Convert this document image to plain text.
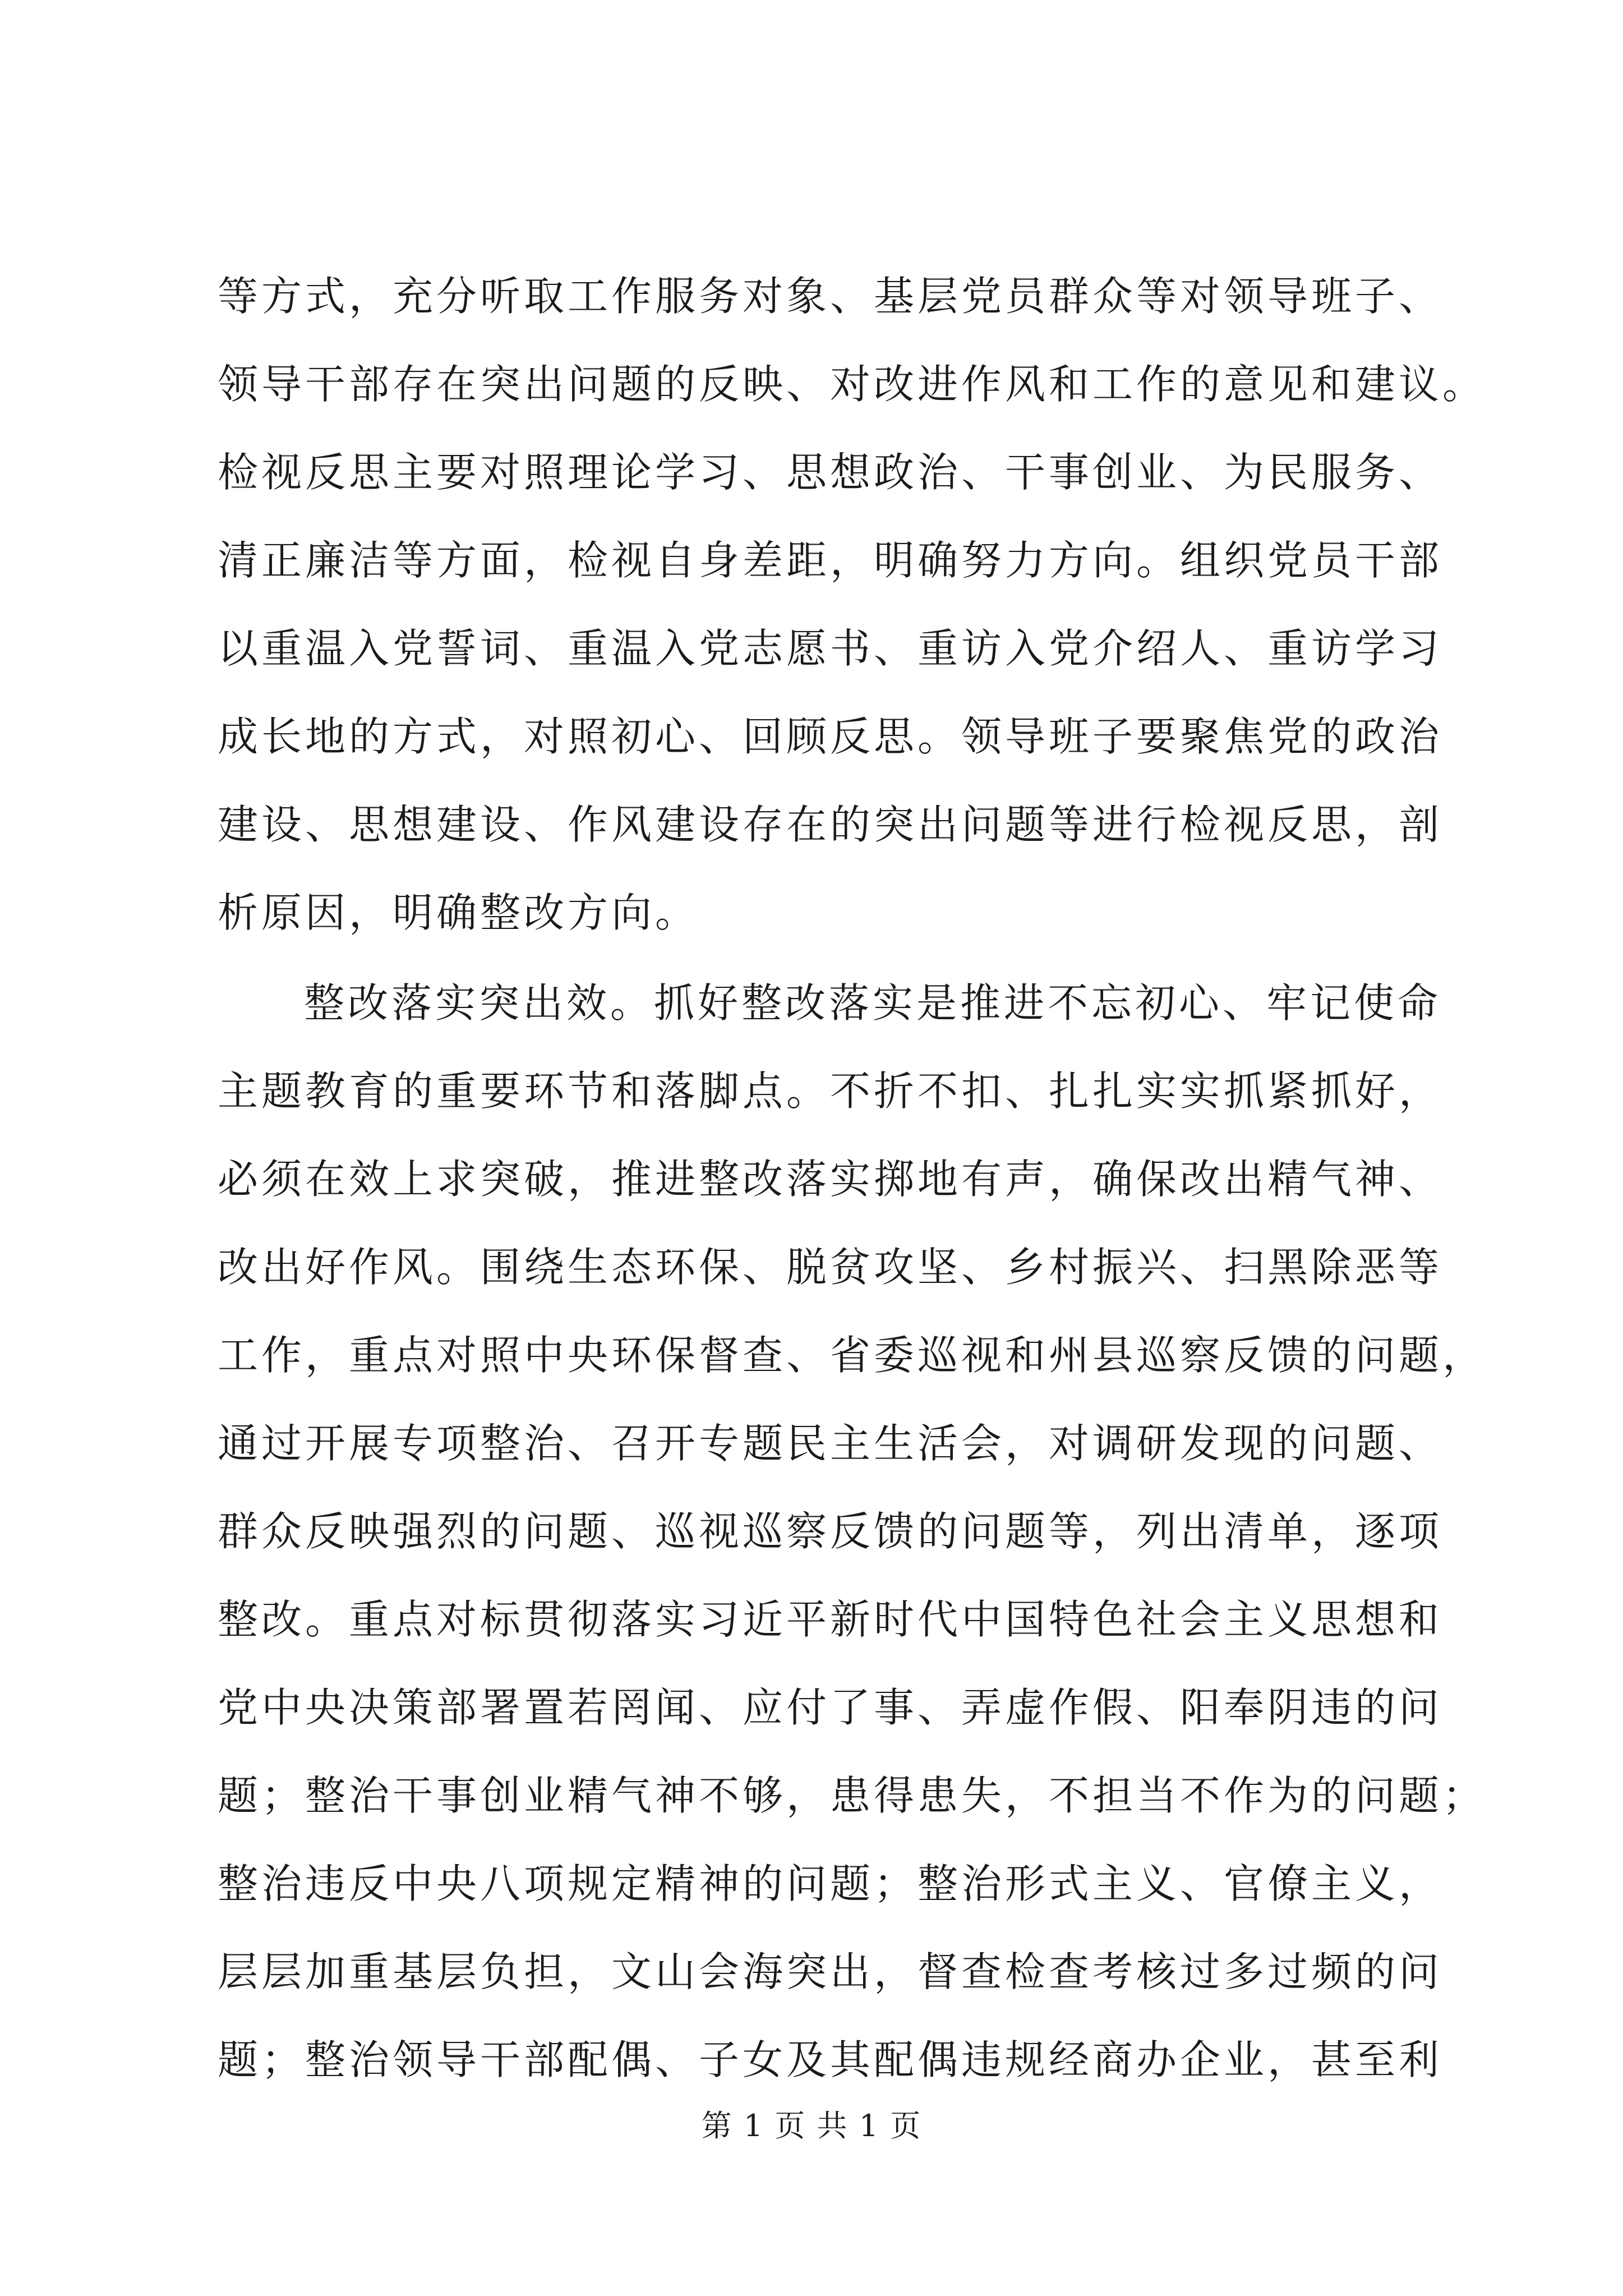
等方式，充分听取工作服务对象、基层党员群众等对领导班子、
领导干部存在突出问题的反映、对改进作风和工作的意见和建议。
检视反思主要对照理论学习、思想政治、干事创业、为民服务、
清正廉洁等方面，检视自身差距，明确努力方向。组织党员干部
以重温入党誓词、重温入党志愿书、重访入党介绍人、重访学习
成长地的方式，对照初心、回顾反思。领导班子要聚焦党的政治
建设、思想建设、作风建设存在的突出问题等进行检视反思，剖
析原因，明确整改方向。
整改落实突出效。抓好整改落实是推进不忘初心、牢记使命
主题教育的重要环节和落脚点。不折不扣、扎扎实实抓紧抓好，
必须在效上求突破，推进整改落实掷地有声，确保改出精气神、
改出好作风。围绕生态环保、脱贫攻坚、乡村振兴、扫黑除恶等
工作，重点对照中央环保督查、省委巡视和州县巡察反馈的问题，
通过开展专项整治、召开专题民主生活会，对调研发现的问题、
群众反映强烈的问题、巡视巡察反馈的问题等，列出清单，逐项
整改。重点对标贯彻落实习近平新时代中国特色社会主义思想和
党中央决策部署置若罔闻、应付了事、弄虚作假、阳奉阴违的问
题；整治干事创业精气神不够，患得患失，不担当不作为的问题；
整治违反中央八项规定精神的问题；整治形式主义、官僚主义，
层层加重基层负担，文山会海突出，督查检查考核过多过频的问
题；整治领导干部配偶、子女及其配偶违规经商办企业，甚至利
第 1 页 共 1 页
